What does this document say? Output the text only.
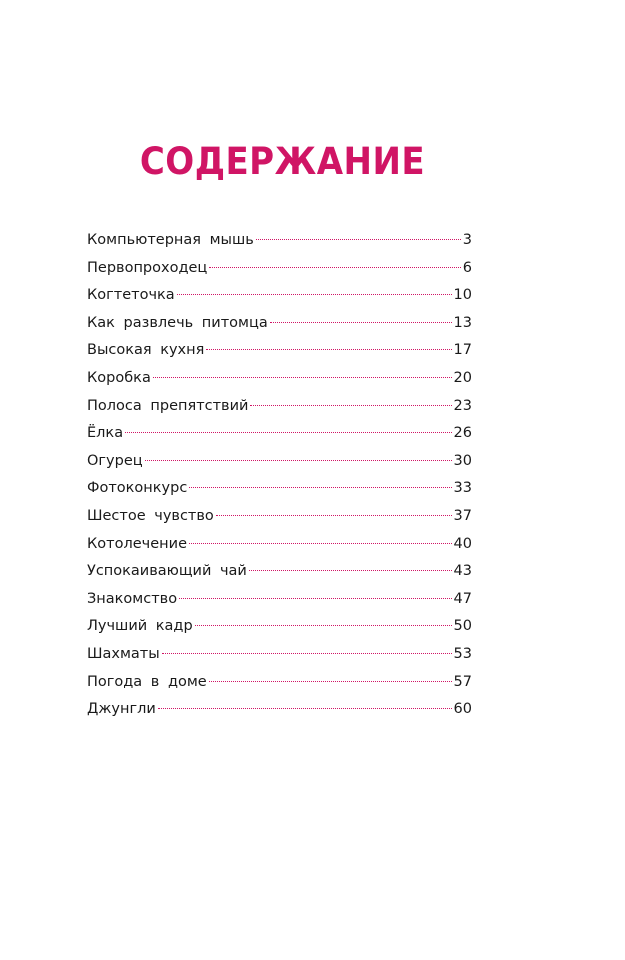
СОДЕРЖАНИЕ
Компьютерная мышь	3
Первопроходец	6
Когтеточка	10
Как развлечь питомца	13
Высокая кухня	17
Коробка	20
Полоса препятствий	23
Ёлка	26
Огурец	30
Фотоконкурс	33
Шестое чувство	37
Котолечение	40
Успокаивающий чай	43
Знакомство	47
Лучший кадр	50
Шахматы	53
Погода в доме	57
Джунгли	60
